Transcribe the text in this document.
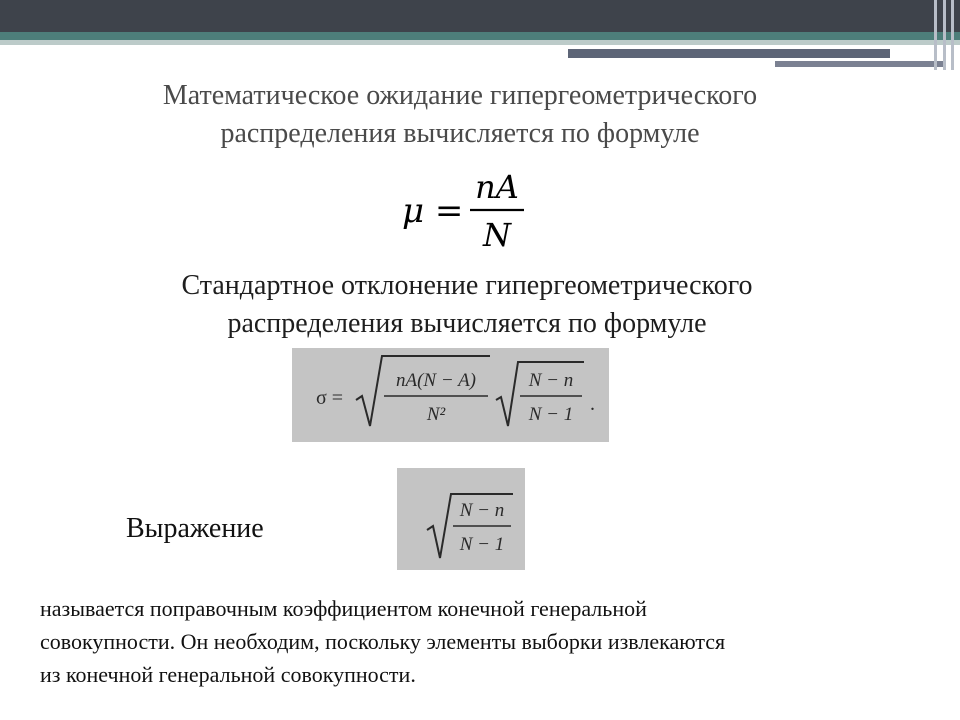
Математическое ожидание гипергеометрического
распределения вычисляется по формуле
μ =
nA
N
Стандартное отклонение гипергеометрического
распределения вычисляется по формуле
σ =
nA(N − A)
N²
N − n
N − 1 .
Выражение
N − n
N − 1
называется поправочным коэффициентом конечной генеральной
совокупности. Он необходим, поскольку элементы выборки извлекаются
из конечной генеральной совокупности.
